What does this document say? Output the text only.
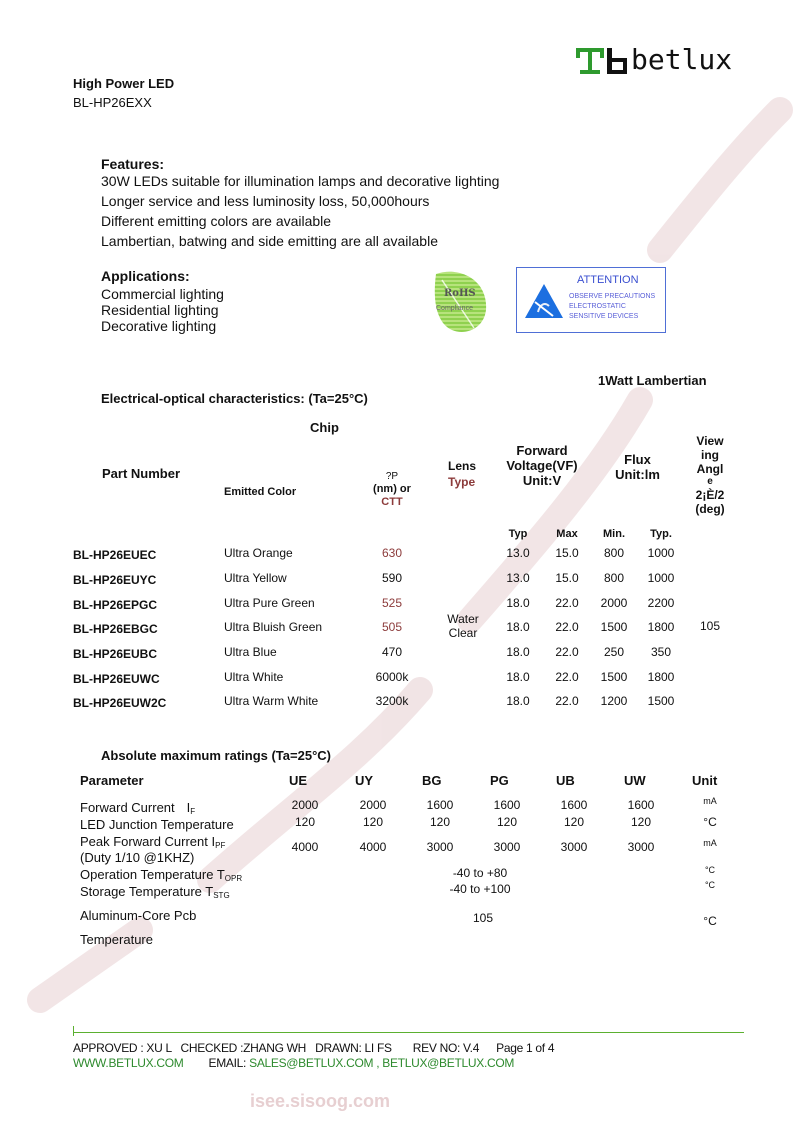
isee.sisoog.com
betlux
High Power LED
BL-HP26EXX
Features:
30W LEDs suitable for illumination lamps and decorative lighting
Longer service and less luminosity loss, 50,000hours
Different emitting colors are available
Lambertian, batwing and side emitting are all available
Applications:
Commercial lighting
Residential lighting
Decorative lighting
RoHS
Compliance
ATTENTION
OBSERVE PRECAUTIONS
ELECTROSTATIC
SENSITIVE DEVICES
1Watt Lambertian
Electrical-optical characteristics: (Ta=25°C)
Chip
Part Number
Emitted Color
?P
(nm) or
CTT
Lens
Type
Forward
Voltage(VF)
Unit:V
Flux
Unit:lm
View
ing
Angl
e
2¡È/2
(deg)
Typ	Max	Min.	Typ.
BL-HP26EUEC	Ultra Orange	630	13.0	15.0	800	1000
BL-HP26EUYC	Ultra Yellow	590	13.0	15.0	800	1000
BL-HP26EPGC	Ultra Pure Green	525	18.0	22.0	2000	2200
BL-HP26EBGC	Ultra Bluish Green	505	18.0	22.0	1500	1800
BL-HP26EUBC	Ultra Blue	470	18.0	22.0	250	350
BL-HP26EUWC	Ultra White	6000k	18.0	22.0	1500	1800
BL-HP26EUW2C	Ultra Warm White	3200k	18.0	22.0	1200	1500
Water
Clear	105
Absolute maximum ratings (Ta=25°C)
Parameter	UE	UY	BG	PG	UB	UW	Unit
Forward Current $I_F$	2000	2000	1600	1600	1600	1600	mA
LED Junction Temperature	120	120	120	120	120	120	°C
Peak Forward Current $I_{PF}$	4000	4000	3000	3000	3000	3000	mA
(Duty 1/10 @1KHZ)
Operation Temperature $T_{OPR}$	-40 to +80	°C
Storage Temperature $T_{STG}$	-40 to +100	°C
Aluminum-Core Pcb
Temperature
105	°C
APPROVED : XU L CHECKED :ZHANG WH DRAWN: LI FS REV NO: V.4 Page 1 of 4
WWW.BETLUX.COM EMAIL: SALES@BETLUX.COM , BETLUX@BETLUX.COM
